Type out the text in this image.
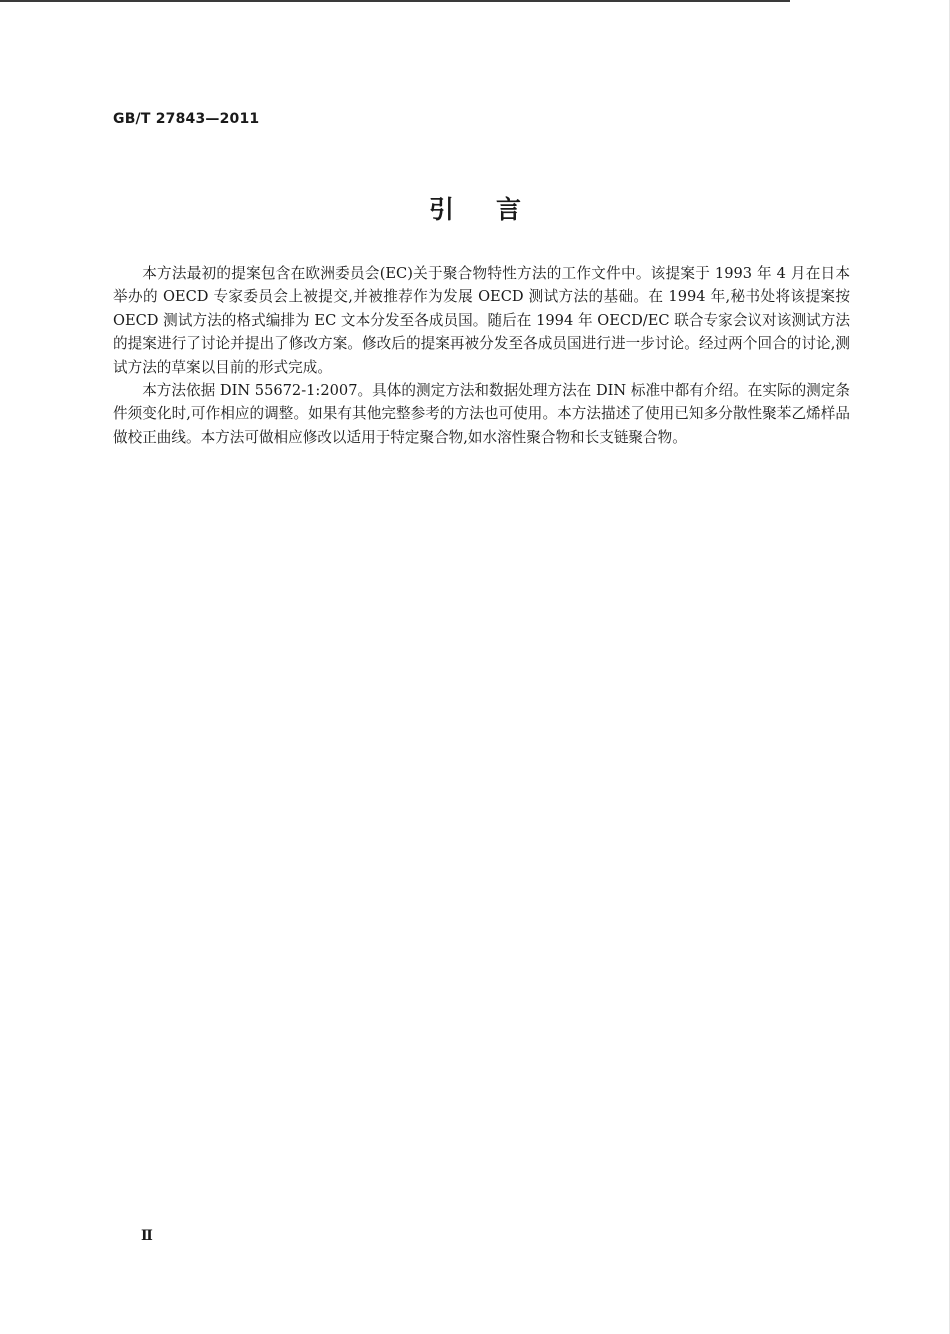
GB/T 27843—2011
引言

本方法最初的提案包含在欧洲委员会(EC)关于聚合物特性方法的工作文件中。该提案于 1993 年 4 月在日本举办的 OECD 专家委员会上被提交,并被推荐作为发展 OECD 测试方法的基础。在 1994 年,秘书处将该提案按 OECD 测试方法的格式编排为 EC 文本分发至各成员国。随后在 1994 年 OECD/EC 联合专家会议对该测试方法的提案进行了讨论并提出了修改方案。修改后的提案再被分发至各成员国进行进一步讨论。经过两个回合的讨论,测试方法的草案以目前的形式完成。

本方法依据 DIN 55672-1:2007。具体的测定方法和数据处理方法在 DIN 标准中都有介绍。在实际的测定条件须变化时,可作相应的调整。如果有其他完整参考的方法也可使用。本方法描述了使用已知多分散性聚苯乙烯样品做校正曲线。本方法可做相应修改以适用于特定聚合物,如水溶性聚合物和长支链聚合物。

Ⅱ
